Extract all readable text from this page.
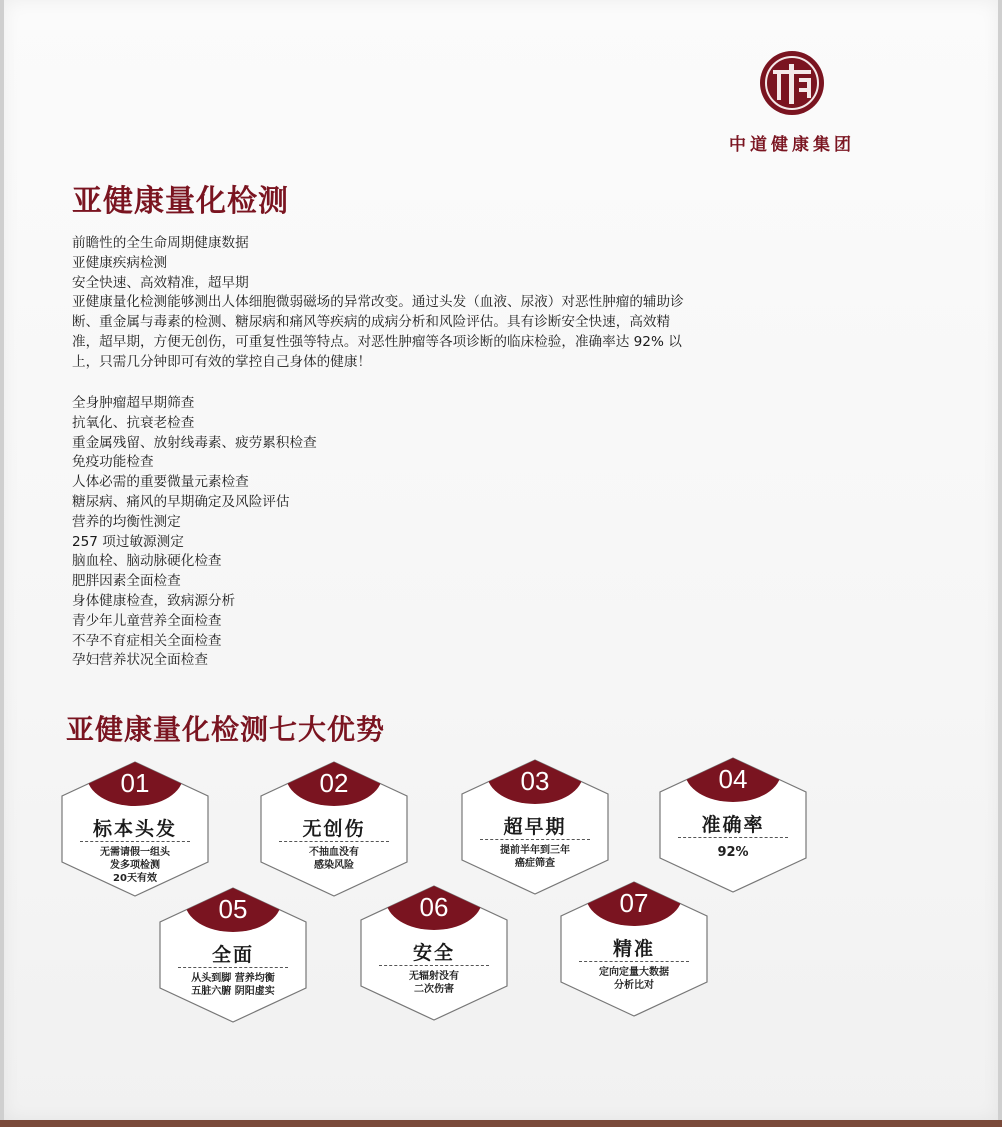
中道健康集团
亚健康量化检测
前瞻性的全生命周期健康数据
亚健康疾病检测
安全快速、高效精准，超早期
亚健康量化检测能够测出人体细胞微弱磁场的异常改变。通过头发（血液、尿液）对恶性肿瘤的辅助诊
断、重金属与毒素的检测、糖尿病和痛风等疾病的成病分析和风险评估。具有诊断安全快速，高效精
准，超早期，方便无创伤，可重复性强等特点。对恶性肿瘤等各项诊断的临床检验，准确率达 92% 以
上，只需几分钟即可有效的掌控自己身体的健康！
全身肿瘤超早期筛查
抗氧化、抗衰老检查
重金属残留、放射线毒素、疲劳累积检查
免疫功能检查
人体必需的重要微量元素检查
糖尿病、痛风的早期确定及风险评估
营养的均衡性测定
257 项过敏源测定
脑血栓、脑动脉硬化检查
肥胖因素全面检查
身体健康检查，致病源分析
青少年儿童营养全面检查
不孕不育症相关全面检查
孕妇营养状况全面检查
亚健康量化检测七大优势
01
标本头发
无需请假一组头
发多项检测
20天有效
02
无创伤
不抽血没有
感染风险
03
超早期
提前半年到三年
癌症筛查
04
准确率
92%
05
全面
从头到脚 营养均衡
五脏六腑 阴阳虚实
06
安全
无辐射没有
二次伤害
07
精准
定向定量大数据
分析比对
